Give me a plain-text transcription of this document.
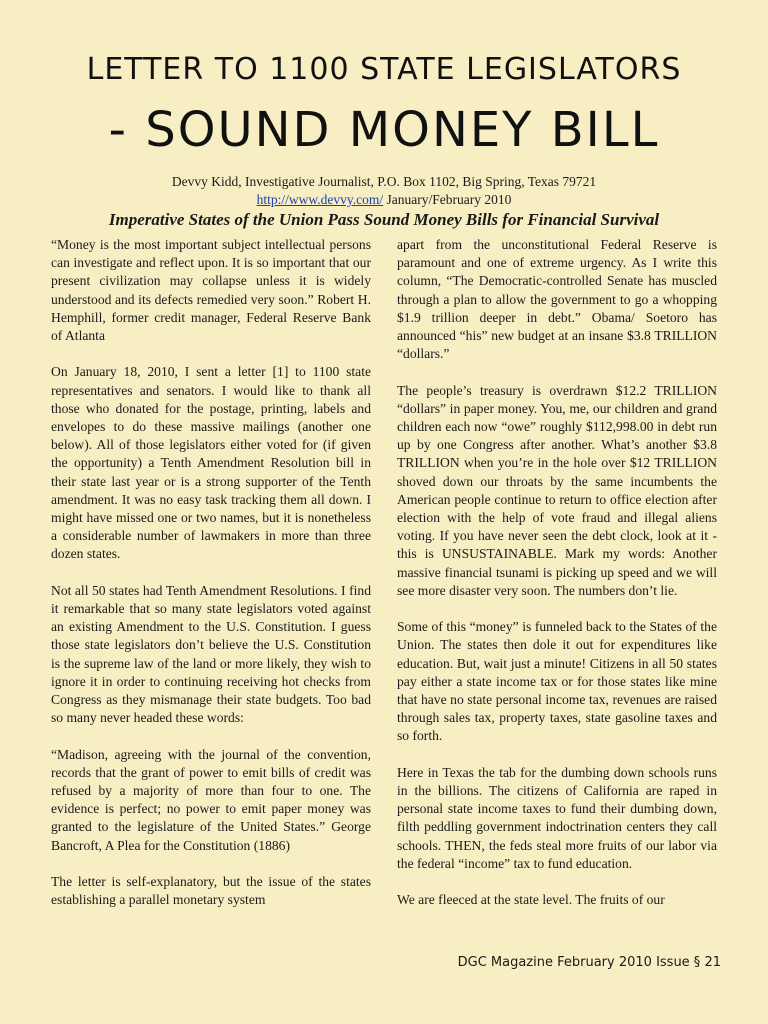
LETTER TO 1100 STATE LEGISLATORS
- SOUND MONEY BILL
Devvy Kidd, Investigative Journalist, P.O. Box 1102, Big Spring, Texas 79721
http://www.devvy.com/ January/February 2010
Imperative States of the Union Pass Sound Money Bills for Financial Survival

“Money is the most important subject intellectual persons can investigate and reflect upon. It is so important that our present civilization may collapse unless it is widely understood and its defects remedied very soon.” Robert H. Hemphill, former credit manager, Federal Reserve Bank of Atlanta

On January 18, 2010, I sent a letter [1] to 1100 state representatives and senators. I would like to thank all those who donated for the postage, printing, labels and envelopes to do these massive mailings (another one below). All of those legislators either voted for (if given the opportunity) a Tenth Amendment Resolution bill in their state last year or is a strong supporter of the Tenth amendment. It was no easy task tracking them all down. I might have missed one or two names, but it is nonetheless a considerable number of lawmakers in more than three dozen states.

Not all 50 states had Tenth Amendment Resolutions. I find it remarkable that so many state legislators voted against an existing Amendment to the U.S. Constitution. I guess those state legislators don’t believe the U.S. Constitution is the supreme law of the land or more likely, they wish to ignore it in order to continuing receiving hot checks from Congress as they mismanage their state budgets. Too bad so many never headed these words:

“Madison, agreeing with the journal of the convention, records that the grant of power to emit bills of credit was refused by a majority of more than four to one. The evidence is perfect; no power to emit paper money was granted to the legislature of the United States.” George Bancroft, A Plea for the Constitution (1886)

The letter is self-explanatory, but the issue of the states establishing a parallel monetary system

apart from the unconstitutional Federal Reserve is paramount and one of extreme urgency. As I write this column, “The Democratic-controlled Senate has muscled through a plan to allow the government to go a whopping $1.9 trillion deeper in debt.” Obama/ Soetoro has announced “his” new budget at an insane $3.8 TRILLION “dollars.”

The people’s treasury is overdrawn $12.2 TRILLION “dollars” in paper money. You, me, our children and grand children each now “owe” roughly $112,998.00 in debt run up by one Congress after another. What’s another $3.8 TRILLION when you’re in the hole over $12 TRILLION shoved down our throats by the same incumbents the American people continue to return to office election after election with the help of vote fraud and illegal aliens voting. If you have never seen the debt clock, look at it - this is UNSUSTAINABLE. Mark my words: Another massive financial tsunami is picking up speed and we will see more disaster very soon. The numbers don’t lie.

Some of this “money” is funneled back to the States of the Union. The states then dole it out for expenditures like education. But, wait just a minute! Citizens in all 50 states pay either a state income tax or for those states like mine that have no state personal income tax, revenues are raised through sales tax, property taxes, state gasoline taxes and so forth.

Here in Texas the tab for the dumbing down schools runs in the billions. The citizens of California are raped in personal state income taxes to fund their dumbing down, filth peddling government indoctrination centers they call schools. THEN, the feds steal more fruits of our labor via the federal “income” tax to fund education.

We are fleeced at the state level. The fruits of our

DGC Magazine February 2010 Issue § 21
